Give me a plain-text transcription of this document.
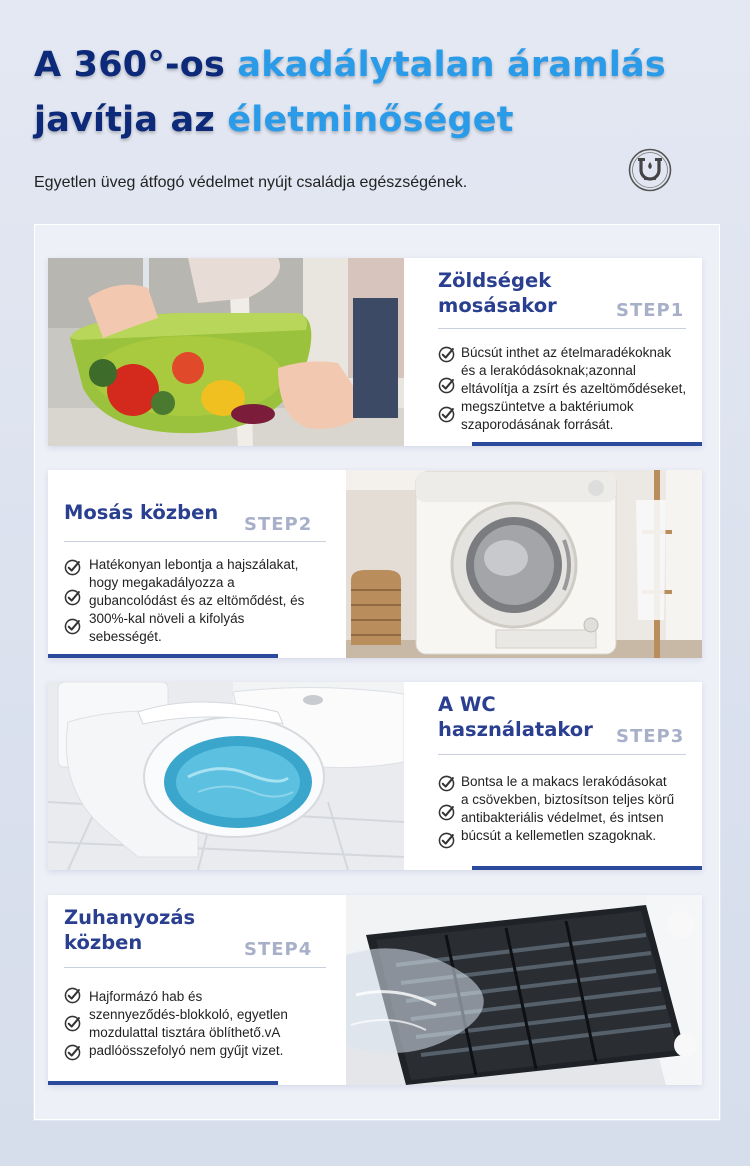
A 360°-os akadálytalan áramlás
javítja az életminőséget
Egyetlen üveg átfogó védelmet nyújt családja egészségének.
Zöldségek
mosásakor	STEP1
Búcsút inthet az ételmaradékoknak
és a lerakódásoknak;azonnal
eltávolítja a zsírt és azeltömődéseket,
megszüntetve a baktériumok
szaporodásának forrását.
Mosás közben
STEP2
Hatékonyan lebontja a hajszálakat,
hogy megakadályozza a
gubancolódást és az eltömődést, és
300%-kal növeli a kifolyás
sebességét.
A WC
használatakor STEP3
Bontsa le a makacs lerakódásokat
a csövekben, biztosítson teljes körű
antibakteriális védelmet, és intsen
búcsút a kellemetlen szagoknak.
Zuhanyozás
közben	STEP4
Hajformázó hab és
szennyeződés-blokkoló, egyetlen
mozdulattal tisztára öblíthető.vA
padlóösszefolyó nem gyűjt vizet.
